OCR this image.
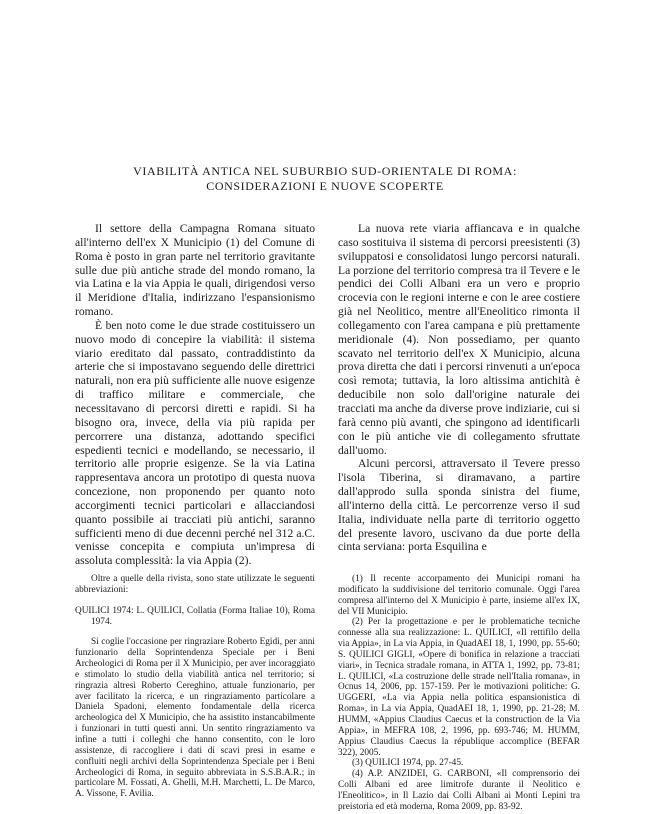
VIABILITÀ ANTICA NEL SUBURBIO SUD-ORIENTALE DI ROMA:
CONSIDERAZIONI E NUOVE SCOPERTE

Il settore della Campagna Romana situato all'interno dell'ex X Municipio (1) del Comune di Roma è posto in gran parte nel territorio gravitante sulle due più antiche strade del mondo romano, la via Latina e la via Appia le quali, dirigendosi verso il Meridione d'Italia, indirizzano l'espansionismo romano.

È ben noto come le due strade costituissero un nuovo modo di concepire la viabilità: il sistema viario ereditato dal passato, contraddistinto da arterie che si impostavano seguendo delle direttrici naturali, non era più sufficiente alle nuove esigenze di traffico militare e commerciale, che necessitavano di percorsi diretti e rapidi. Si ha bisogno ora, invece, della via più rapida per percorrere una distanza, adottando specifici espedienti tecnici e modellando, se necessario, il territorio alle proprie esigenze. Se la via Latina rappresentava ancora un prototipo di questa nuova concezione, non proponendo per quanto noto accorgimenti tecnici particolari e allacciandosi quanto possibile ai tracciati più antichi, saranno sufficienti meno di due decenni perché nel 312 a.C. venisse concepita e compiuta un'impresa di assoluta complessità: la via Appia (2).

La nuova rete viaria affiancava e in qualche caso sostituiva il sistema di percorsi preesistenti (3) sviluppatosi e consolidatosi lungo percorsi naturali. La porzione del territorio compresa tra il Tevere e le pendici dei Colli Albani era un vero e proprio crocevia con le regioni interne e con le aree costiere già nel Neolitico, mentre all'Eneolitico rimonta il collegamento con l'area campana e più prettamente meridionale (4). Non possediamo, per quanto scavato nel territorio dell'ex X Municipio, alcuna prova diretta che dati i percorsi rinvenuti a un'epoca così remota; tuttavia, la loro altissima antichità è deducibile non solo dall'origine naturale dei tracciati ma anche da diverse prove indiziarie, cui si farà cenno più avanti, che spingono ad identificarli con le più antiche vie di collegamento sfruttate dall'uomo.

Alcuni percorsi, attraversato il Tevere presso l'isola Tiberina, si diramavano, a partire dall'approdo sulla sponda sinistra del fiume, all'interno della città. Le percorrenze verso il sud Italia, individuate nella parte di territorio oggetto del presente lavoro, uscivano da due porte della cinta serviana: porta Esquilina e

Oltre a quelle della rivista, sono state utilizzate le seguenti abbreviazioni:

QUILICI 1974: L. QUILICI, Collatia (Forma Italiae 10), Roma 1974.

Si coglie l'occasione per ringraziare Roberto Egidi, per anni funzionario della Soprintendenza Speciale per i Beni Archeologici di Roma per il X Municipio, per aver incoraggiato e stimolato lo studio della viabilità antica nel territorio; si ringrazia altresì Roberto Cereghino, attuale funzionario, per aver facilitato la ricerca, e un ringraziamento particolare a Daniela Spadoni, elemento fondamentale della ricerca archeologica del X Municipio, che ha assistito instancabilmente i funzionari in tutti questi anni. Un sentito ringraziamento va infine a tutti i colleghi che hanno consentito, con le loro assistenze, di raccogliere i dati di scavi presi in esame e confluiti negli archivi della Soprintendenza Speciale per i Beni Archeologici di Roma, in seguito abbreviata in S.S.B.A.R.; in particolare M. Fossati, A. Ghelli, M.H. Marchetti, L. De Marco, A. Vissone, F. Avilia.

(1) Il recente accorpamento dei Municipi romani ha modificato la suddivisione del territorio comunale. Oggi l'area compresa all'interno del X Municipio è parte, insieme all'ex IX, del VII Municipio.

(2) Per la progettazione e per le problematiche tecniche connesse alla sua realizzazione: L. QUILICI, «Il rettifilo della via Appia», in La via Appia, in QuadAEI 18, 1, 1990, pp. 55-60; S. QUILICI GIGLI, «Opere di bonifica in relazione a tracciati viari», in Tecnica stradale romana, in ATTA 1, 1992, pp. 73-81; L. QUILICI, «La costruzione delle strade nell'Italia romana», in Ocnus 14, 2006, pp. 157-159. Per le motivazioni politiche: G. UGGERI, «La via Appia nella politica espansionistica di Roma», in La via Appia, QuadAEI 18, 1, 1990, pp. 21-28; M. HUMM, «Appius Claudius Caecus et la construction de la Via Appia», in MEFRA 108, 2, 1996, pp. 693-746; M. HUMM, Appius Claudius Caecus la république accomplice (BEFAR 322), 2005.

(3) QUILICI 1974, pp. 27-45.

(4) A.P. ANZIDEI, G. CARBONI, «Il comprensorio dei Colli Albani ed aree limitrofe durante il Neolitico e l'Eneolitico», in Il Lazio dai Colli Albani ai Monti Lepini tra preistoria ed età moderna, Roma 2009, pp. 83-92.
